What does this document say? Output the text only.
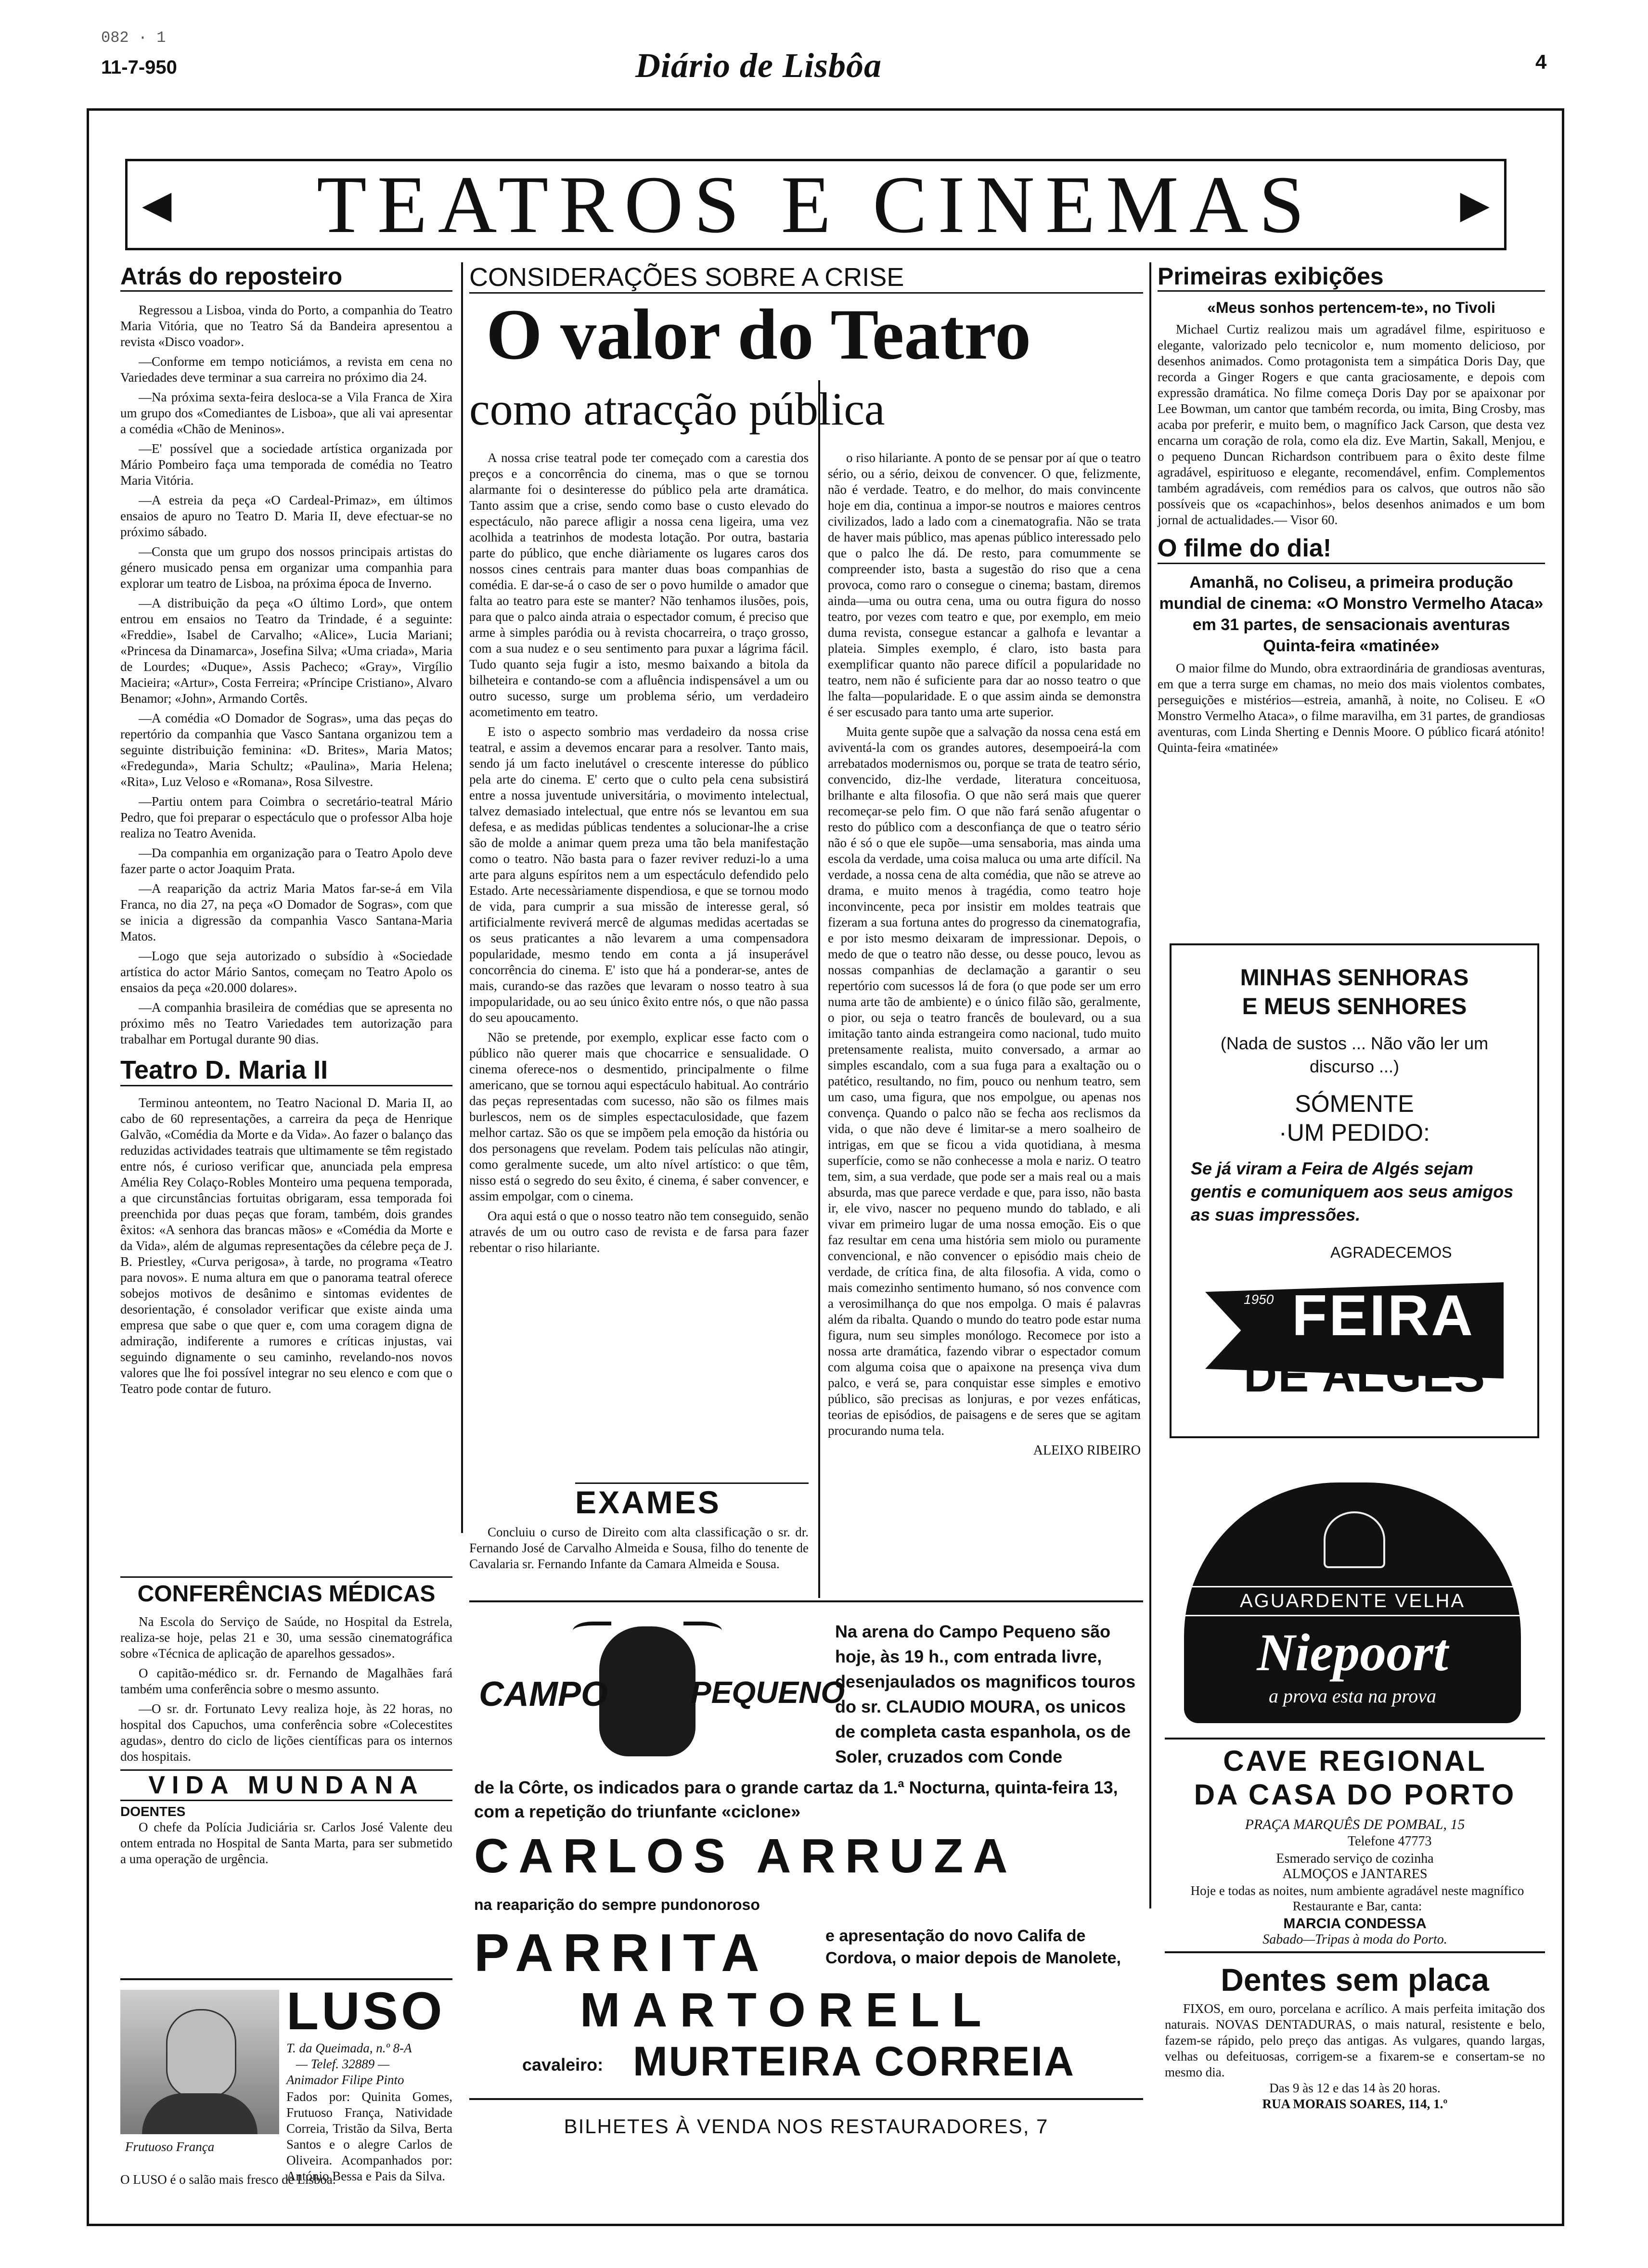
082 · 1
11-7-950	Diário de Lisbôa	4
◀ TEATROS E CINEMAS	▶
Atrás do reposteiro

Regressou a Lisboa, vinda do Porto, a companhia do Teatro Maria Vitória, que no Teatro Sá da Bandeira apresentou a revista «Disco voador».

—Conforme em tempo noticiámos, a revista em cena no Variedades deve terminar a sua carreira no próximo dia 24.

—Na próxima sexta-feira desloca-se a Vila Franca de Xira um grupo dos «Comediantes de Lisboa», que ali vai apresentar a comédia «Chão de Meninos».

—E' possível que a sociedade artística organizada por Mário Pombeiro faça uma temporada de comédia no Teatro Maria Vitória.

—A estreia da peça «O Cardeal-Primaz», em últimos ensaios de apuro no Teatro D. Maria II, deve efectuar-se no próximo sábado.

—Consta que um grupo dos nossos principais artistas do género musicado pensa em organizar uma companhia para explorar um teatro de Lisboa, na próxima época de Inverno.

—A distribuição da peça «O último Lord», que ontem entrou em ensaios no Teatro da Trindade, é a seguinte: «Freddie», Isabel de Carvalho; «Alice», Lucia Mariani; «Princesa da Dinamarca», Josefina Silva; «Uma criada», Maria de Lourdes; «Duque», Assis Pacheco; «Gray», Virgílio Macieira; «Artur», Costa Ferreira; «Príncipe Cristiano», Alvaro Benamor; «John», Armando Cortês.

—A comédia «O Domador de Sogras», uma das peças do repertório da companhia que Vasco Santana organizou tem a seguinte distribuição feminina: «D. Brites», Maria Matos; «Fredegunda», Maria Schultz; «Paulina», Maria Helena; «Rita», Luz Veloso e «Romana», Rosa Silvestre.

—Partiu ontem para Coimbra o secretário-teatral Mário Pedro, que foi preparar o espectáculo que o professor Alba hoje realiza no Teatro Avenida.

—Da companhia em organização para o Teatro Apolo deve fazer parte o actor Joaquim Prata.

—A reaparição da actriz Maria Matos far-se-á em Vila Franca, no dia 27, na peça «O Domador de Sogras», com que se inicia a digressão da companhia Vasco Santana-Maria Matos.

—Logo que seja autorizado o subsídio à «Sociedade artística do actor Mário Santos, começam no Teatro Apolo os ensaios da peça «20.000 dolares».

—A companhia brasileira de comédias que se apresenta no próximo mês no Teatro Variedades tem autorização para trabalhar em Portugal durante 90 dias.

Teatro D. Maria II

Terminou anteontem, no Teatro Nacional D. Maria II, ao cabo de 60 representações, a carreira da peça de Henrique Galvão, «Comédia da Morte e da Vida». Ao fazer o balanço das reduzidas actividades teatrais que ultimamente se têm registado entre nós, é curioso verificar que, anunciada pela empresa Amélia Rey Colaço-Robles Monteiro uma pequena temporada, a que circunstâncias fortuitas obrigaram, essa temporada foi preenchida por duas peças que foram, também, dois grandes êxitos: «A senhora das brancas mãos» e «Comédia da Morte e da Vida», além de algumas representações da célebre peça de J. B. Priestley, «Curva perigosa», à tarde, no programa «Teatro para novos». E numa altura em que o panorama teatral oferece sobejos motivos de desânimo e sintomas evidentes de desorientação, é consolador verificar que existe ainda uma empresa que sabe o que quer e, com uma coragem digna de admiração, indiferente a rumores e críticas injustas, vai seguindo dignamente o seu caminho, revelando-nos novos valores que lhe foi possível integrar no seu elenco e com que o Teatro pode contar de futuro.

CONFERÊNCIAS MÉDICAS

Na Escola do Serviço de Saúde, no Hospital da Estrela, realiza-se hoje, pelas 21 e 30, uma sessão cinematográfica sobre «Técnica de aplicação de aparelhos gessados».

O capitão-médico sr. dr. Fernando de Magalhães fará também uma conferência sobre o mesmo assunto.

—O sr. dr. Fortunato Levy realiza hoje, às 22 horas, no hospital dos Capuchos, uma conferência sobre «Colecestites agudas», dentro do ciclo de lições científicas para os internos dos hospitais.

VIDA MUNDANA
DOENTES

O chefe da Polícia Judiciária sr. Carlos José Valente deu ontem entrada no Hospital de Santa Marta, para ser submetido a uma operação de urgência.

LUSO
T. da Queimada, n.º 8-A
— Telef. 32889 —
Animador Filipe Pinto
Fados por: Quinita Gomes, Frutuoso França, Natividade Correia, Tristão da Silva, Berta Santos e o alegre Carlos de Oliveira. Acompanhados por: António Bessa e Pais da Silva.
Frutuoso França
O LUSO é o salão mais fresco de Lisboa.
CONSIDERAÇÕES SOBRE A CRISE
O valor do Teatro
como atracção pública

A nossa crise teatral pode ter começado com a carestia dos preços e a concorrência do cinema, mas o que se tornou alarmante foi o desinteresse do público pela arte dramática. Tanto assim que a crise, sendo como base o custo elevado do espectáculo, não parece afligir a nossa cena ligeira, uma vez acolhida a teatrinhos de modesta lotação. Por outra, bastaria parte do público, que enche diàriamente os lugares caros dos nossos cines centrais para manter duas boas companhias de comédia. E dar-se-á o caso de ser o povo humilde o amador que falta ao teatro para este se manter? Não tenhamos ilusões, pois, para que o palco ainda atraia o espectador comum, é preciso que arme à simples paródia ou à revista chocarreira, o traço grosso, com a sua nudez e o seu sentimento para puxar a lágrima fácil. Tudo quanto seja fugir a isto, mesmo baixando a bitola da bilheteira e contando-se com a afluência indispensável a um ou outro sucesso, surge um problema sério, um verdadeiro acometimento em teatro.

E isto o aspecto sombrio mas verdadeiro da nossa crise teatral, e assim a devemos encarar para a resolver. Tanto mais, sendo já um facto inelutável o crescente interesse do público pela arte do cinema. E' certo que o culto pela cena subsistirá entre a nossa juventude universitária, o movimento intelectual, talvez demasiado intelectual, que entre nós se levantou em sua defesa, e as medidas públicas tendentes a solucionar-lhe a crise são de molde a animar quem preza uma tão bela manifestação como o teatro. Não basta para o fazer reviver reduzi-lo a uma arte para alguns espíritos nem a um espectáculo defendido pelo Estado. Arte necessàriamente dispendiosa, e que se tornou modo de vida, para cumprir a sua missão de interesse geral, só artificialmente reviverá mercê de algumas medidas acertadas se os seus praticantes a não levarem a uma compensadora popularidade, mesmo tendo em conta a já insuperável concorrência do cinema. E' isto que há a ponderar-se, antes de mais, curando-se das razões que levaram o nosso teatro à sua impopularidade, ou ao seu único êxito entre nós, o que não passa do seu apoucamento.

Não se pretende, por exemplo, explicar esse facto com o público não querer mais que chocarrice e sensualidade. O cinema oferece-nos o desmentido, principalmente o filme americano, que se tornou aqui espectáculo habitual. Ao contrário das peças representadas com sucesso, não são os filmes mais burlescos, nem os de simples espectaculosidade, que fazem melhor cartaz. São os que se impõem pela emoção da história ou dos personagens que revelam. Podem tais películas não atingir, como geralmente sucede, um alto nível artístico: o que têm, nisso está o segredo do seu êxito, é cinema, é saber convencer, e assim empolgar, com o cinema.

Ora aqui está o que o nosso teatro não tem conseguido, senão através de um ou outro caso de revista e de farsa para fazer rebentar o riso hilariante.

o riso hilariante. A ponto de se pensar por aí que o teatro sério, ou a sério, deixou de convencer. O que, felizmente, não é verdade. Teatro, e do melhor, do mais convincente hoje em dia, continua a impor-se noutros e maiores centros civilizados, lado a lado com a cinematografia. Não se trata de haver mais público, mas apenas público interessado pelo que o palco lhe dá. De resto, para comummente se compreender isto, basta a sugestão do riso que a cena provoca, como raro o consegue o cinema; bastam, diremos ainda—uma ou outra cena, uma ou outra figura do nosso teatro, por vezes com teatro e que, por exemplo, em meio duma revista, consegue estancar a galhofa e levantar a plateia. Simples exemplo, é claro, isto basta para exemplificar quanto não parece difícil a popularidade no teatro, nem não é suficiente para dar ao nosso teatro o que lhe falta—popularidade. E o que assim ainda se demonstra é ser escusado para tanto uma arte superior.

Muita gente supõe que a salvação da nossa cena está em aviventá-la com os grandes autores, desempoeirá-la com arrebatados modernismos ou, porque se trata de teatro sério, convencido, diz-lhe verdade, literatura conceituosa, brilhante e alta filosofia. O que não será mais que querer recomeçar-se pelo fim. O que não fará senão afugentar o resto do público com a desconfiança de que o teatro sério não é só o que ele supõe—uma sensaboria, mas ainda uma escola da verdade, uma coisa maluca ou uma arte difícil. Na verdade, a nossa cena de alta comédia, que não se atreve ao drama, e muito menos à tragédia, como teatro hoje inconvincente, peca por insistir em moldes teatrais que fizeram a sua fortuna antes do progresso da cinematografia, e por isto mesmo deixaram de impressionar. Depois, o medo de que o teatro não desse, ou desse pouco, levou as nossas companhias de declamação a garantir o seu repertório com sucessos lá de fora (o que pode ser um erro numa arte tão de ambiente) e o único filão são, geralmente, o pior, ou seja o teatro francês de boulevard, ou a sua imitação tanto ainda estrangeira como nacional, tudo muito pretensamente realista, muito conversado, a armar ao simples escandalo, com a sua fuga para a exaltação ou o patético, resultando, no fim, pouco ou nenhum teatro, sem um caso, uma figura, que nos empolgue, ou apenas nos convença. Quando o palco não se fecha aos reclismos da vida, o que não deve é limitar-se a mero soalheiro de intrigas, em que se ficou a vida quotidiana, à mesma superfície, como se não conhecesse a mola e nariz. O teatro tem, sim, a sua verdade, que pode ser a mais real ou a mais absurda, mas que parece verdade e que, para isso, não basta ir, ele vivo, nascer no pequeno mundo do tablado, e ali vivar em primeiro lugar de uma nossa emoção. Eis o que faz resultar em cena uma história sem miolo ou puramente convencional, e não convencer o episódio mais cheio de verdade, de crítica fina, de alta filosofia. A vida, como o mais comezinho sentimento humano, só nos convence com a verosimilhança do que nos empolga. O mais é palavras além da ribalta. Quando o mundo do teatro pode estar numa figura, num seu simples monólogo. Recomece por isto a nossa arte dramática, fazendo vibrar o espectador comum com alguma coisa que o apaixone na presença viva dum palco, e verá se, para conquistar esse simples e emotivo público, são precisas as lonjuras, e por vezes enfáticas, teorias de episódios, de paisagens e de seres que se agitam procurando numa tela.

ALEIXO RIBEIRO
EXAMES
Concluiu o curso de Direito com alta classificação o sr. dr. Fernando José de Carvalho Almeida e Sousa, filho do tenente de Cavalaria sr. Fernando Infante da Camara Almeida e Sousa.
CAMPO	PEQUENO
Na arena do Campo Pequeno são hoje, às 19 h., com entrada livre, desenjaulados os magnificos touros do sr. CLAUDIO MOURA, os unicos de completa casta espanhola, os de Soler, cruzados com Conde
de la Côrte, os indicados para o grande cartaz da 1.ª Nocturna, quinta-feira 13, com a repetição do triunfante «ciclone»
CARLOS ARRUZA
na reaparição do sempre pundonoroso
PARRITA	e apresentação do novo Califa de Cordova, o maior depois de Manolete,
MARTORELL
cavaleiro: MURTEIRA CORREIA
BILHETES À VENDA NOS RESTAURADORES, 7
Primeiras exibições
«Meus sonhos pertencem-te», no Tivoli

Michael Curtiz realizou mais um agradável filme, espirituoso e elegante, valorizado pelo tecnicolor e, num momento delicioso, por desenhos animados. Como protagonista tem a simpática Doris Day, que recorda a Ginger Rogers e que canta graciosamente, e depois com expressão dramática. No filme começa Doris Day por se apaixonar por Lee Bowman, um cantor que também recorda, ou imita, Bing Crosby, mas acaba por preferir, e muito bem, o magnífico Jack Carson, que desta vez encarna um coração de rola, como ela diz. Eve Martin, Sakall, Menjou, e o pequeno Duncan Richardson contribuem para o êxito deste filme agradável, espirituoso e elegante, recomendável, enfim. Complementos também agradáveis, com remédios para os calvos, que outros não são possíveis que os «capachinhos», belos desenhos animados e um bom jornal de actualidades.— Visor 60.

O filme do dia!
Amanhã, no Coliseu, a primeira produção mundial de cinema: «O Monstro Vermelho Ataca» em 31 partes, de sensacionais aventuras
Quinta-feira «matinée»

O maior filme do Mundo, obra extraordinária de grandiosas aventuras, em que a terra surge em chamas, no meio dos mais violentos combates, perseguições e mistérios—estreia, amanhã, à noite, no Coliseu. E «O Monstro Vermelho Ataca», o filme maravilha, em 31 partes, de grandiosas aventuras, com Linda Sherting e Dennis Moore. O público ficará atónito! Quinta-feira «matinée»

MINHAS SENHORAS
E MEUS SENHORES
(Nada de sustos ... Não vão ler um discurso ...)
SÓMENTE
·UM PEDIDO:
Se já viram a Feira de Algés sejam gentis e comuniquem aos seus amigos as suas impressões.
AGRADECEMOS
1950 FEIRA
DE ALGÉS
AGUARDENTE VELHA
Niepoort
a prova esta na prova
CAVE REGIONAL
DA CASA DO PORTO
PRAÇA MARQUÊS DE POMBAL, 15
Telefone 47773
Esmerado serviço de cozinha
ALMOÇOS e JANTARES
Hoje e todas as noites, num ambiente agradável neste magnífico Restaurante e Bar, canta:
MARCIA CONDESSA
Sabado—Tripas à moda do Porto.
Dentes sem placa
FIXOS, em ouro, porcelana e acrílico. A mais perfeita imitação dos naturais. NOVAS DENTADURAS, o mais natural, resistente e belo, fazem-se rápido, pelo preço das antigas. As vulgares, quando largas, velhas ou defeituosas, corrigem-se a fixarem-se e consertam-se no mesmo dia.
Das 9 às 12 e das 14 às 20 horas.
RUA MORAIS SOARES, 114, 1.º
